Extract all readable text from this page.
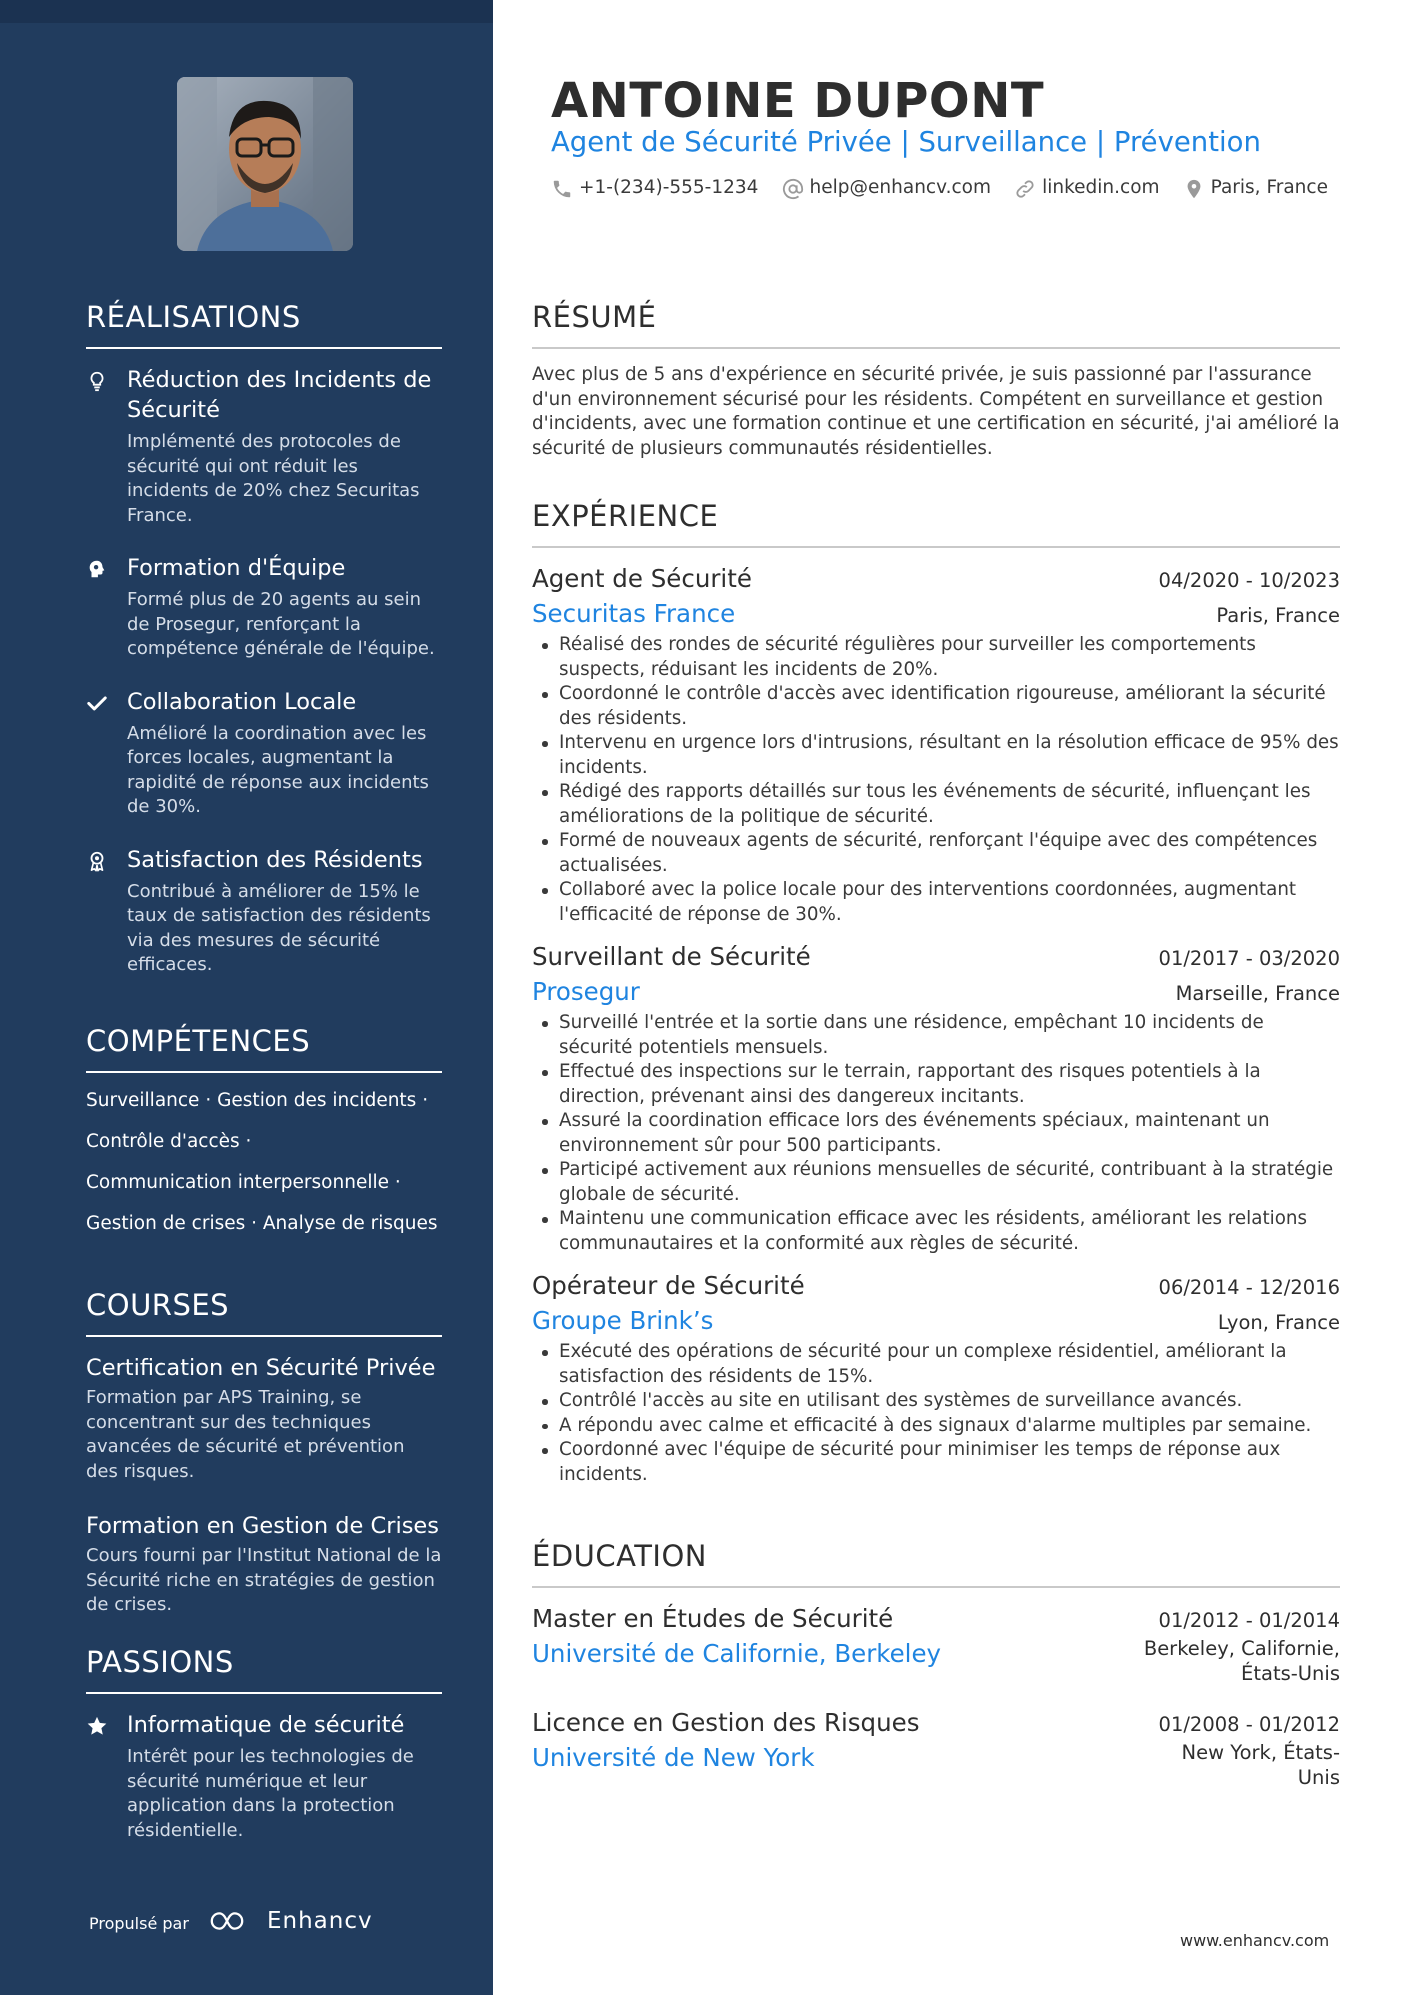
RÉALISATIONS
Réduction des Incidents de Sécurité
Implémenté des protocoles de sécurité qui ont réduit les incidents de 20% chez Securitas France.
Formation d'Équipe
Formé plus de 20 agents au sein de Prosegur, renforçant la compétence générale de l'équipe.
Collaboration Locale
Amélioré la coordination avec les forces locales, augmentant la rapidité de réponse aux incidents de 30%.
Satisfaction des Résidents
Contribué à améliorer de 15% le taux de satisfaction des résidents via des mesures de sécurité efficaces.
COMPÉTENCES
Surveillance · Gestion des incidents ·
Contrôle d'accès ·
Communication interpersonnelle ·
Gestion de crises · Analyse de risques
COURSES
Certification en Sécurité Privée
Formation par APS Training, se concentrant sur des techniques avancées de sécurité et prévention des risques.
Formation en Gestion de Crises
Cours fourni par l'Institut National de la Sécurité riche en stratégies de gestion de crises.
PASSIONS
Informatique de sécurité
Intérêt pour les technologies de sécurité numérique et leur application dans la protection résidentielle.
Propulsé par	Enhancv
ANTOINE DUPONT
Agent de Sécurité Privée | Surveillance | Prévention
+1-(234)-555-1234	help@enhancv.com	linkedin.com	Paris, France
RÉSUMÉ
Avec plus de 5 ans d'expérience en sécurité privée, je suis passionné par l'assurance d'un environnement sécurisé pour les résidents. Compétent en surveillance et gestion d'incidents, avec une formation continue et une certification en sécurité, j'ai amélioré la sécurité de plusieurs communautés résidentielles.
EXPÉRIENCE
Agent de Sécurité	04/2020 - 10/2023
Securitas France	Paris, France
Réalisé des rondes de sécurité régulières pour surveiller les comportements suspects, réduisant les incidents de 20%.
Coordonné le contrôle d'accès avec identification rigoureuse, améliorant la sécurité des résidents.
Intervenu en urgence lors d'intrusions, résultant en la résolution efficace de 95% des incidents.
Rédigé des rapports détaillés sur tous les événements de sécurité, influençant les améliorations de la politique de sécurité.
Formé de nouveaux agents de sécurité, renforçant l'équipe avec des compétences actualisées.
Collaboré avec la police locale pour des interventions coordonnées, augmentant l'efficacité de réponse de 30%.
Surveillant de Sécurité	01/2017 - 03/2020
Prosegur	Marseille, France
Surveillé l'entrée et la sortie dans une résidence, empêchant 10 incidents de sécurité potentiels mensuels.
Effectué des inspections sur le terrain, rapportant des risques potentiels à la direction, prévenant ainsi des dangereux incitants.
Assuré la coordination efficace lors des événements spéciaux, maintenant un environnement sûr pour 500 participants.
Participé activement aux réunions mensuelles de sécurité, contribuant à la stratégie globale de sécurité.
Maintenu une communication efficace avec les résidents, améliorant les relations communautaires et la conformité aux règles de sécurité.
Opérateur de Sécurité	06/2014 - 12/2016
Groupe Brink’s	Lyon, France
Exécuté des opérations de sécurité pour un complexe résidentiel, améliorant la satisfaction des résidents de 15%.
Contrôlé l'accès au site en utilisant des systèmes de surveillance avancés.
A répondu avec calme et efficacité à des signaux d'alarme multiples par semaine.
Coordonné avec l'équipe de sécurité pour minimiser les temps de réponse aux incidents.
ÉDUCATION
Master en Études de Sécurité	01/2012 - 01/2014
Université de Californie, Berkeley	Berkeley, Californie, États-Unis
Licence en Gestion des Risques	01/2008 - 01/2012
Université de New York	New York, États-Unis
www.enhancv.com
